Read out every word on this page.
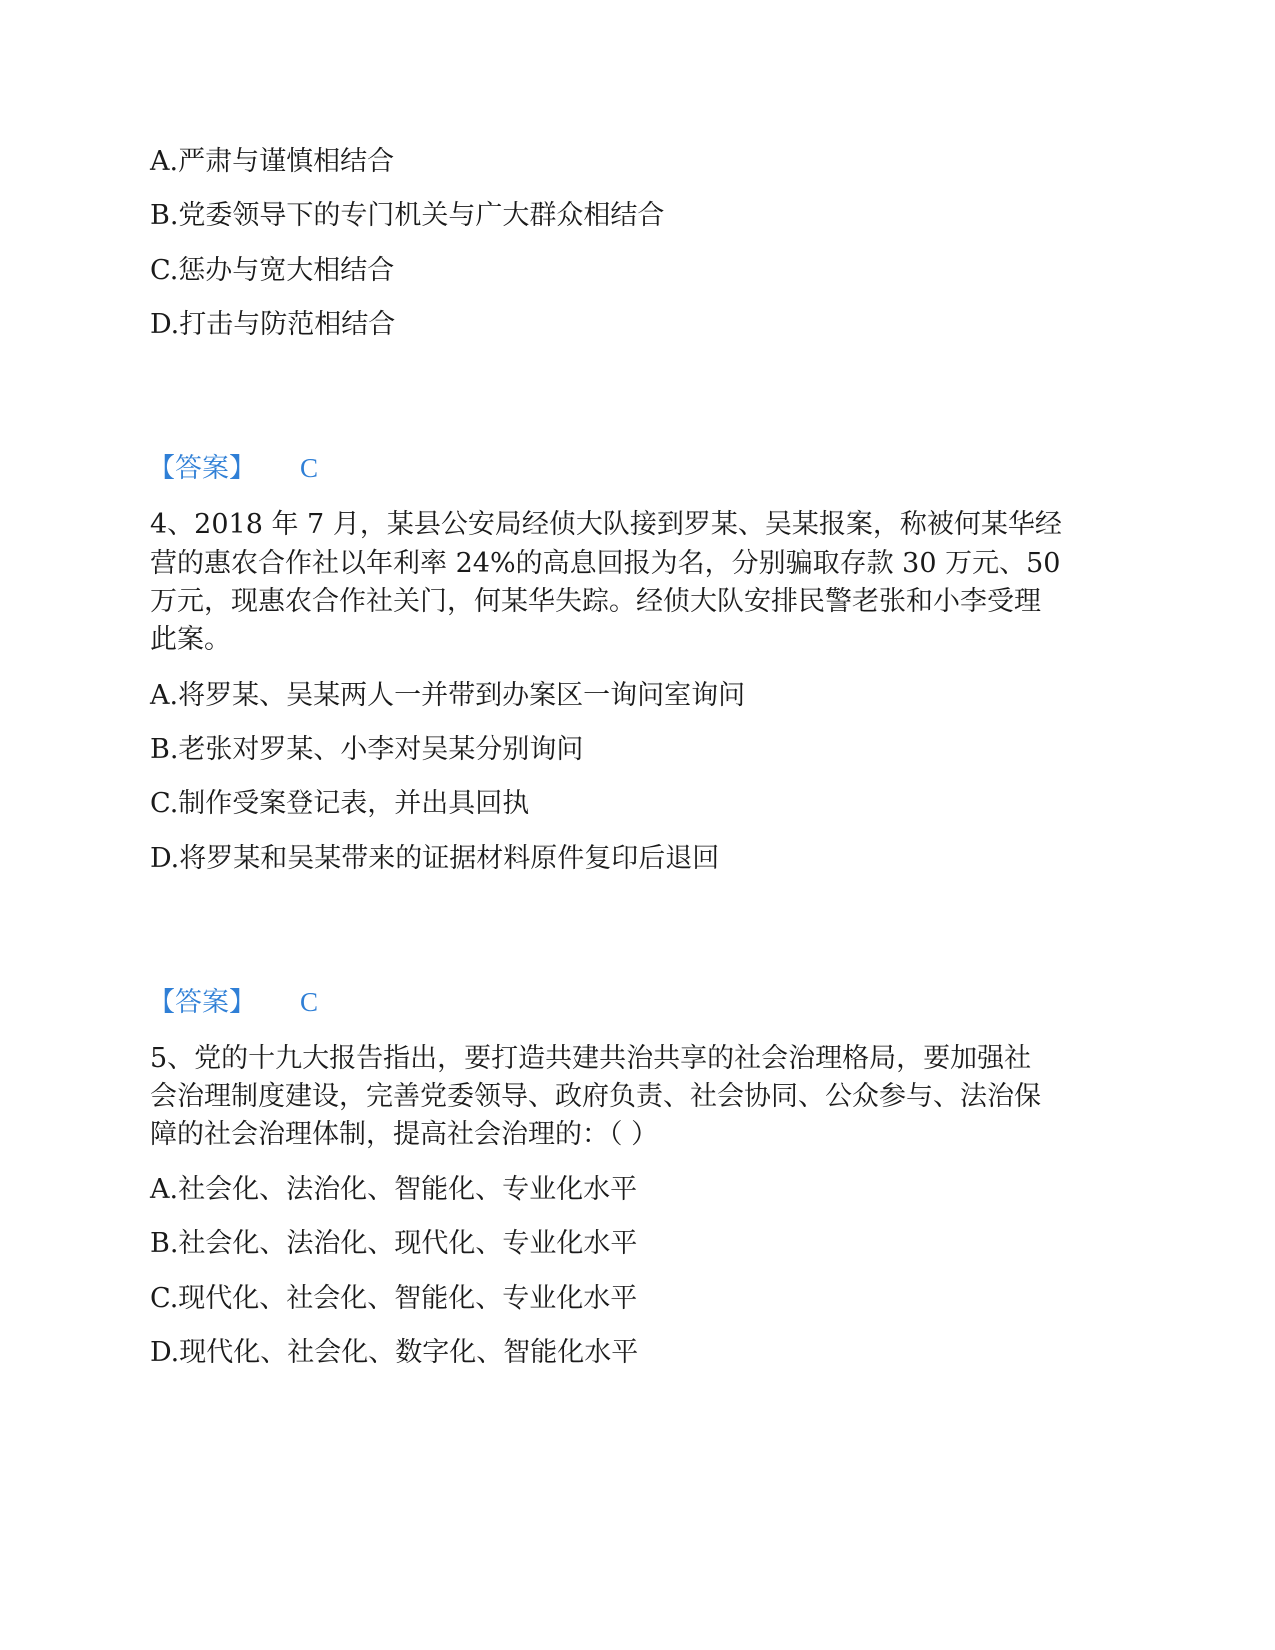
A.严肃与谨慎相结合
B.党委领导下的专门机关与广大群众相结合
C.惩办与宽大相结合
D.打击与防范相结合
【答案】 C
4、2018 年 7 月，某县公安局经侦大队接到罗某、吴某报案，称被何某华经
营的惠农合作社以年利率 24%的高息回报为名，分别骗取存款 30 万元、50
万元，现惠农合作社关门，何某华失踪。经侦大队安排民警老张和小李受理
此案。
A.将罗某、吴某两人一并带到办案区一询问室询问
B.老张对罗某、小李对吴某分别询问
C.制作受案登记表，并出具回执
D.将罗某和吴某带来的证据材料原件复印后退回
【答案】 C
5、党的十九大报告指出，要打造共建共治共享的社会治理格局，要加强社
会治理制度建设，完善党委领导、政府负责、社会协同、公众参与、法治保
障的社会治理体制，提高社会治理的：（ ）
A.社会化、法治化、智能化、专业化水平
B.社会化、法治化、现代化、专业化水平
C.现代化、社会化、智能化、专业化水平
D.现代化、社会化、数字化、智能化水平
